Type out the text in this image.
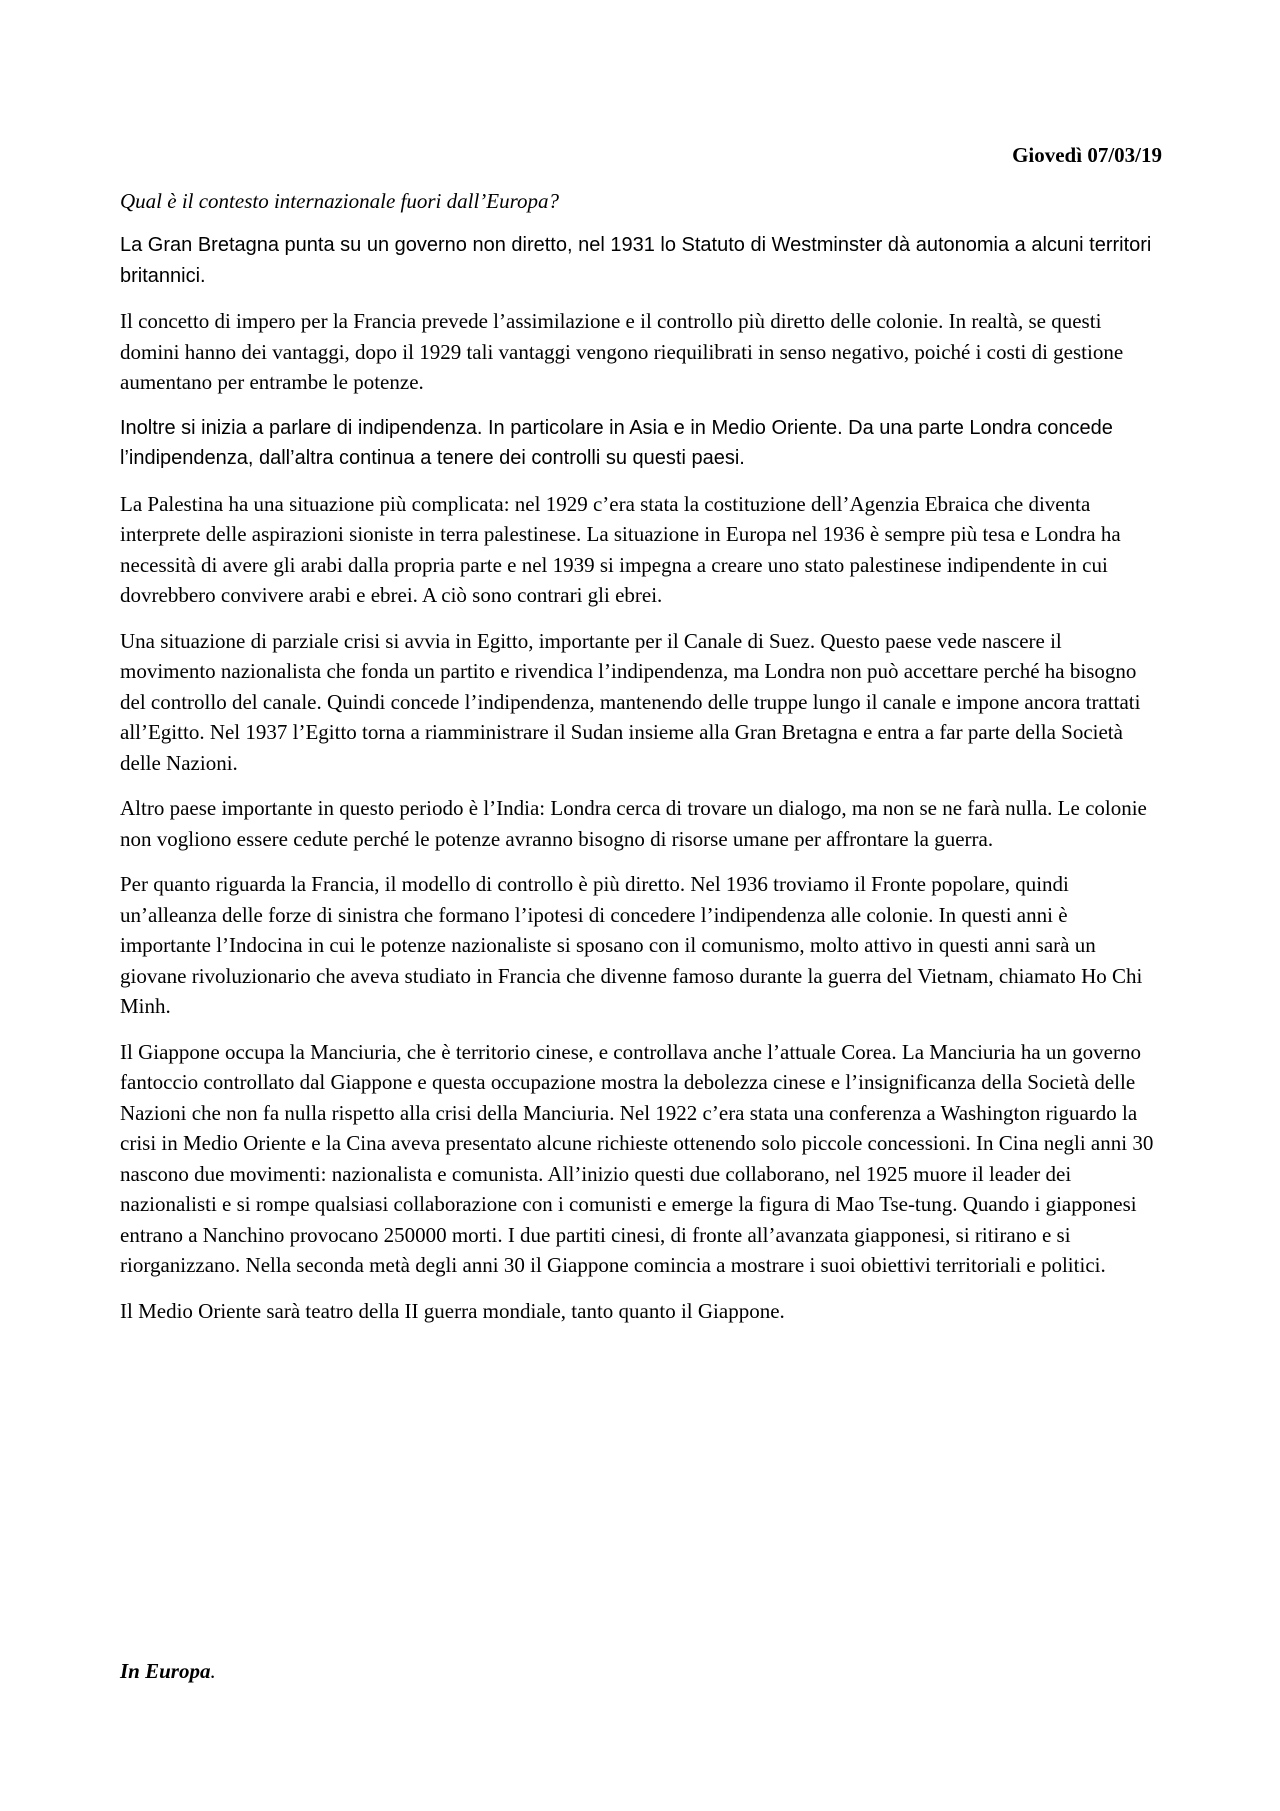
Giovedì 07/03/19

Qual è il contesto internazionale fuori dall’Europa?

La Gran Bretagna punta su un governo non diretto, nel 1931 lo Statuto di Westminster dà autonomia a alcuni territori britannici.

Il concetto di impero per la Francia prevede l’assimilazione e il controllo più diretto delle colonie. In realtà, se questi domini hanno dei vantaggi, dopo il 1929 tali vantaggi vengono riequilibrati in senso negativo, poiché i costi di gestione aumentano per entrambe le potenze.

Inoltre si inizia a parlare di indipendenza. In particolare in Asia e in Medio Oriente. Da una parte Londra concede l’indipendenza, dall’altra continua a tenere dei controlli su questi paesi.

La Palestina ha una situazione più complicata: nel 1929 c’era stata la costituzione dell’Agenzia Ebraica che diventa interprete delle aspirazioni sioniste in terra palestinese. La situazione in Europa nel 1936 è sempre più tesa e Londra ha necessità di avere gli arabi dalla propria parte e nel 1939 si impegna a creare uno stato palestinese indipendente in cui dovrebbero convivere arabi e ebrei. A ciò sono contrari gli ebrei.

Una situazione di parziale crisi si avvia in Egitto, importante per il Canale di Suez. Questo paese vede nascere il movimento nazionalista che fonda un partito e rivendica l’indipendenza, ma Londra non può accettare perché ha bisogno del controllo del canale. Quindi concede l’indipendenza, mantenendo delle truppe lungo il canale e impone ancora trattati all’Egitto. Nel 1937 l’Egitto torna a riamministrare il Sudan insieme alla Gran Bretagna e entra a far parte della Società delle Nazioni.

Altro paese importante in questo periodo è l’India: Londra cerca di trovare un dialogo, ma non se ne farà nulla. Le colonie non vogliono essere cedute perché le potenze avranno bisogno di risorse umane per affrontare la guerra.

Per quanto riguarda la Francia, il modello di controllo è più diretto. Nel 1936 troviamo il Fronte popolare, quindi un’alleanza delle forze di sinistra che formano l’ipotesi di concedere l’indipendenza alle colonie. In questi anni è importante l’Indocina in cui le potenze nazionaliste si sposano con il comunismo, molto attivo in questi anni sarà un giovane rivoluzionario che aveva studiato in Francia che divenne famoso durante la guerra del Vietnam, chiamato Ho Chi Minh.

Il Giappone occupa la Manciuria, che è territorio cinese, e controllava anche l’attuale Corea. La Manciuria ha un governo fantoccio controllato dal Giappone e questa occupazione mostra la debolezza cinese e l’insignificanza della Società delle Nazioni che non fa nulla rispetto alla crisi della Manciuria. Nel 1922 c’era stata una conferenza a Washington riguardo la crisi in Medio Oriente e la Cina aveva presentato alcune richieste ottenendo solo piccole concessioni. In Cina negli anni 30 nascono due movimenti: nazionalista e comunista. All’inizio questi due collaborano, nel 1925 muore il leader dei nazionalisti e si rompe qualsiasi collaborazione con i comunisti e emerge la figura di Mao Tse-tung. Quando i giapponesi entrano a Nanchino provocano 250000 morti. I due partiti cinesi, di fronte all’avanzata giapponesi, si ritirano e si riorganizzano. Nella seconda metà degli anni 30 il Giappone comincia a mostrare i suoi obiettivi territoriali e politici.

Il Medio Oriente sarà teatro della II guerra mondiale, tanto quanto il Giappone.

In Europa.
